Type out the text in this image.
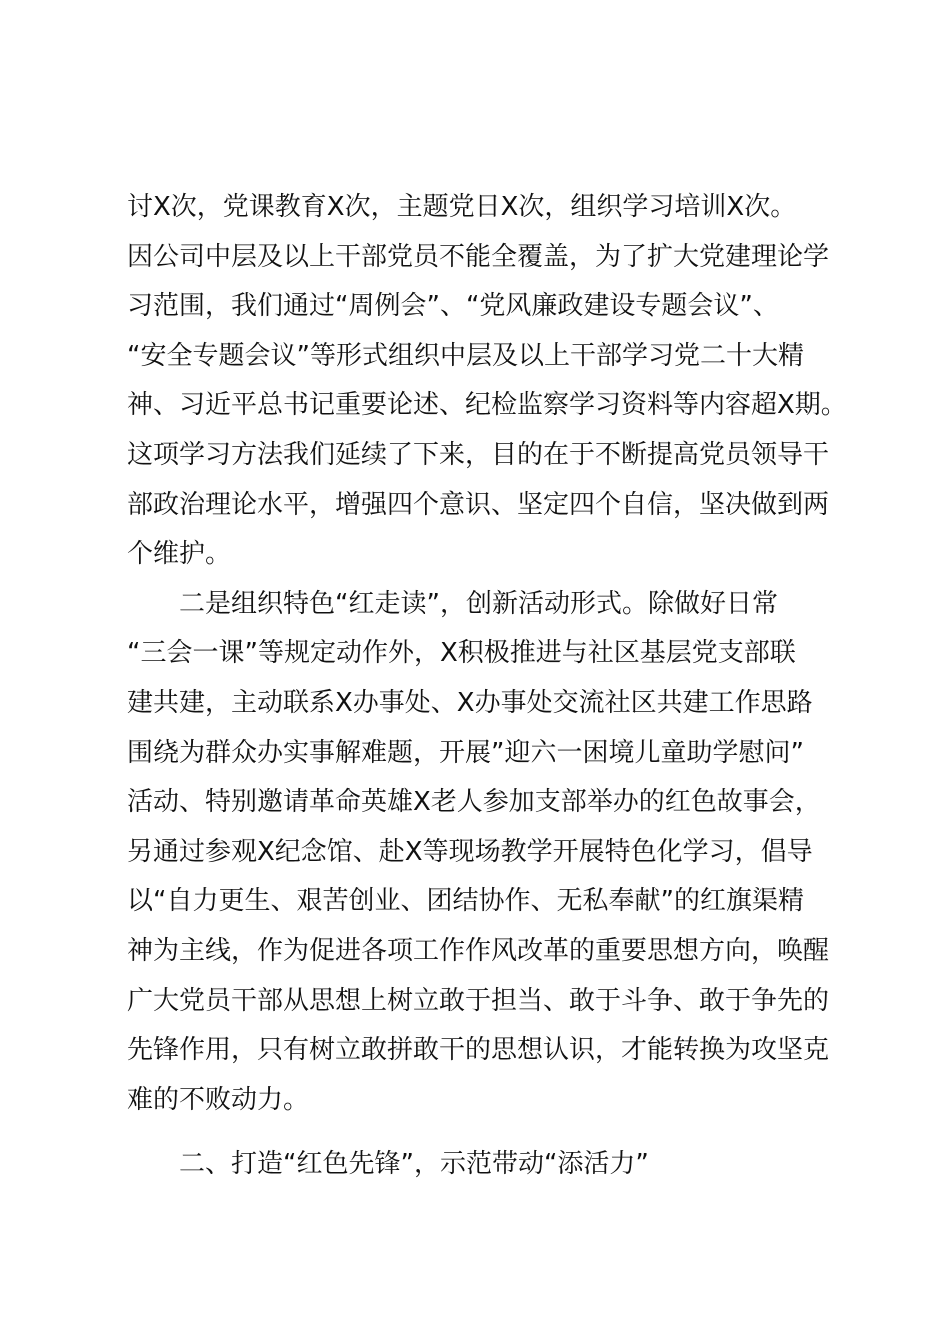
讨X次，党课教育X次，主题党日X次，组织学习培训X次。
因公司中层及以上干部党员不能全覆盖，为了扩大党建理论学
习范围，我们通过“周例会”、“党风廉政建设专题会议”、
“安全专题会议”等形式组织中层及以上干部学习党二十大精
神、习近平总书记重要论述、纪检监察学习资料等内容超X期。
这项学习方法我们延续了下来，目的在于不断提高党员领导干
部政治理论水平，增强四个意识、坚定四个自信，坚决做到两
个维护。
二是组织特色“红走读”，创新活动形式。除做好日常
“三会一课”等规定动作外，X积极推进与社区基层党支部联
建共建，主动联系X办事处、X办事处交流社区共建工作思路
围绕为群众办实事解难题，开展”迎六一困境儿童助学慰问”
活动、特别邀请革命英雄X老人参加支部举办的红色故事会，
另通过参观X纪念馆、赴X等现场教学开展特色化学习，倡导
以“自力更生、艰苦创业、团结协作、无私奉献”的红旗渠精
神为主线，作为促进各项工作作风改革的重要思想方向，唤醒
广大党员干部从思想上树立敢于担当、敢于斗争、敢于争先的
先锋作用，只有树立敢拼敢干的思想认识，才能转换为攻坚克
难的不败动力。
二、打造“红色先锋”，示范带动“添活力”
